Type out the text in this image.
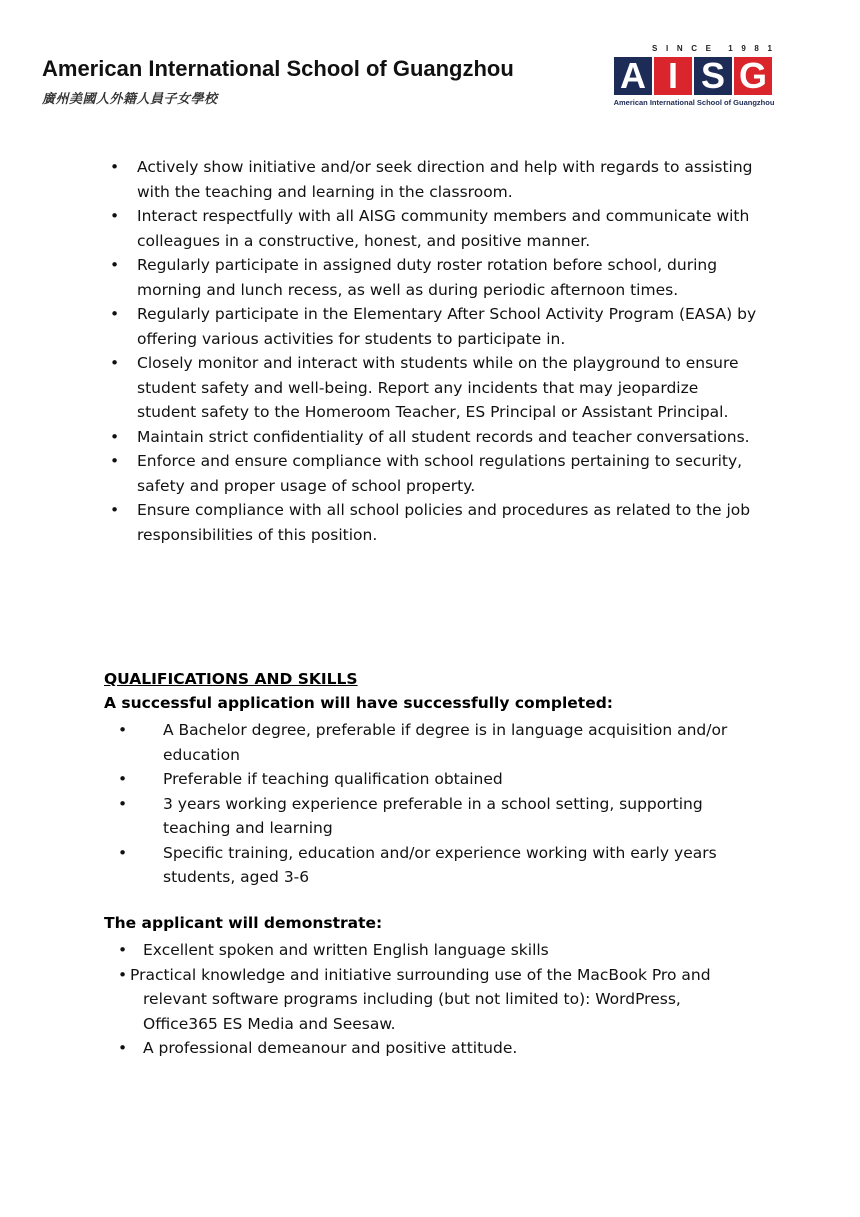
American International School of Guangzhou
廣州美國人外籍人員子女學校
S I N C E 1 9 8 1
A I S G
American International School of Guangzhou
• Actively show initiative and/or seek direction and help with regards to assisting with the teaching and learning in the classroom.
• Interact respectfully with all AISG community members and communicate with colleagues in a constructive, honest, and positive manner.
• Regularly participate in assigned duty roster rotation before school, during morning and lunch recess, as well as during periodic afternoon times.
• Regularly participate in the Elementary After School Activity Program (EASA) by offering various activities for students to participate in.
• Closely monitor and interact with students while on the playground to ensure student safety and well-being. Report any incidents that may jeopardize student safety to the Homeroom Teacher, ES Principal or Assistant Principal.
• Maintain strict confidentiality of all student records and teacher conversations.
• Enforce and ensure compliance with school regulations pertaining to security, safety and proper usage of school property.
• Ensure compliance with all school policies and procedures as related to the job responsibilities of this position.
QUALIFICATIONS AND SKILLS
A successful application will have successfully completed:
• A Bachelor degree, preferable if degree is in language acquisition and/or education
• Preferable if teaching qualification obtained
• 3 years working experience preferable in a school setting, supporting teaching and learning
• Specific training, education and/or experience working with early years students, aged 3-6
The applicant will demonstrate:
• Excellent spoken and written English language skills
• Practical knowledge and initiative surrounding use of the MacBook Pro and relevant software programs including (but not limited to): WordPress, Office365 ES Media and Seesaw.
• A professional demeanour and positive attitude.
